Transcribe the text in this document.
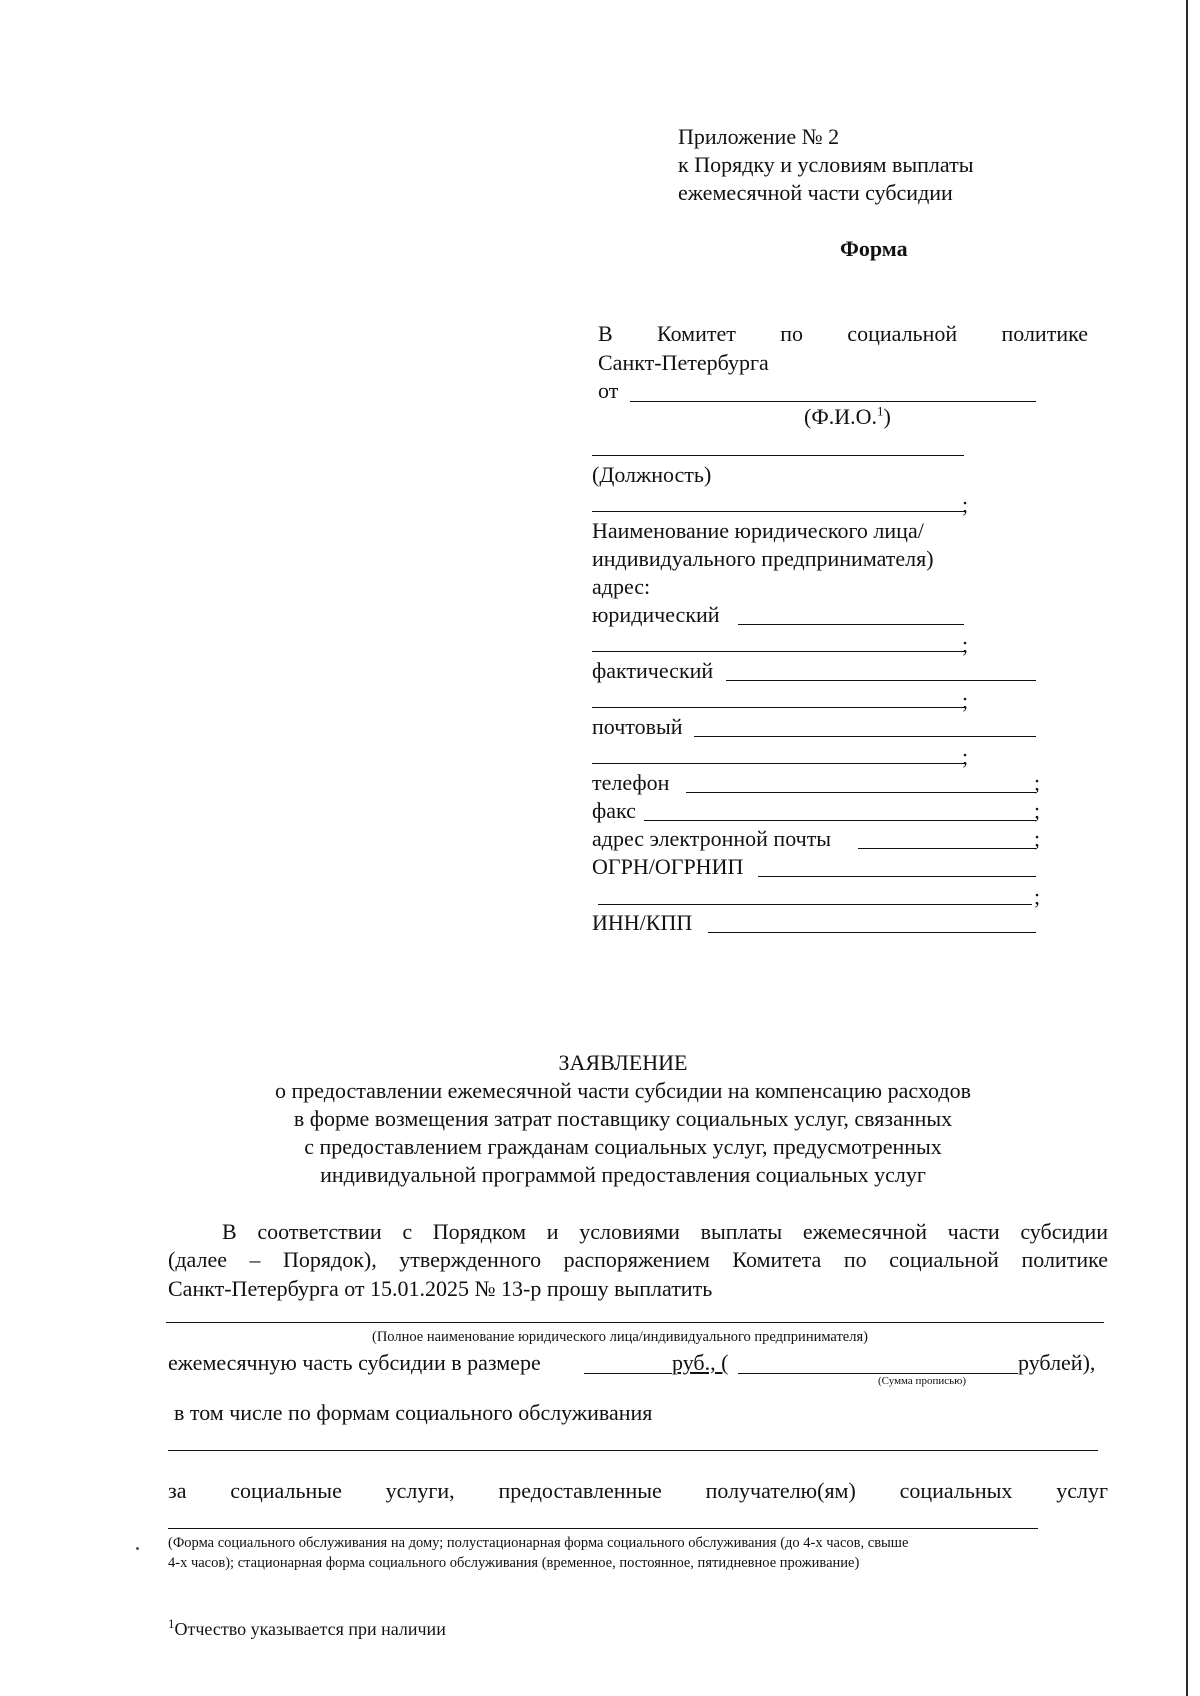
Приложение № 2
к Порядку и условиям выплаты
ежемесячной части субсидии
Форма
В Комитет по социальной политике
Санкт-Петербурга
от
(Ф.И.О.$^1$)
(Должность)
;
Наименование юридического лица/
индивидуального предпринимателя)
адрес:
юридический
;
фактический
;
почтовый
;
телефон	;
факс	;
адрес электронной почты	;
ОГРН/ОГРНИП
;
ИНН/КПП
ЗАЯВЛЕНИЕ
о предоставлении ежемесячной части субсидии на компенсацию расходов
в форме возмещения затрат поставщику социальных услуг, связанных
с предоставлением гражданам социальных услуг, предусмотренных
индивидуальной программой предоставления социальных услуг
В соответствии с Порядком и условиями выплаты ежемесячной части субсидии
(далее – Порядок), утвержденного распоряжением Комитета по социальной политике
Санкт-Петербурга от 15.01.2025 № 13-р прошу выплатить
(Полное наименование юридического лица/индивидуального предпринимателя)
ежемесячную часть субсидии в размере	руб., (	рублей),
(Сумма прописью)
в том числе по формам социального обслуживания
за социальные услуги, предоставленные получателю(ям) социальных услуг
(Форма социального обслуживания на дому; полустационарная форма социального обслуживания (до 4-х часов, свыше
4-х часов); стационарная форма социального обслуживания (временное, постоянное, пятидневное проживание)
$^1$Отчество указывается при наличии
